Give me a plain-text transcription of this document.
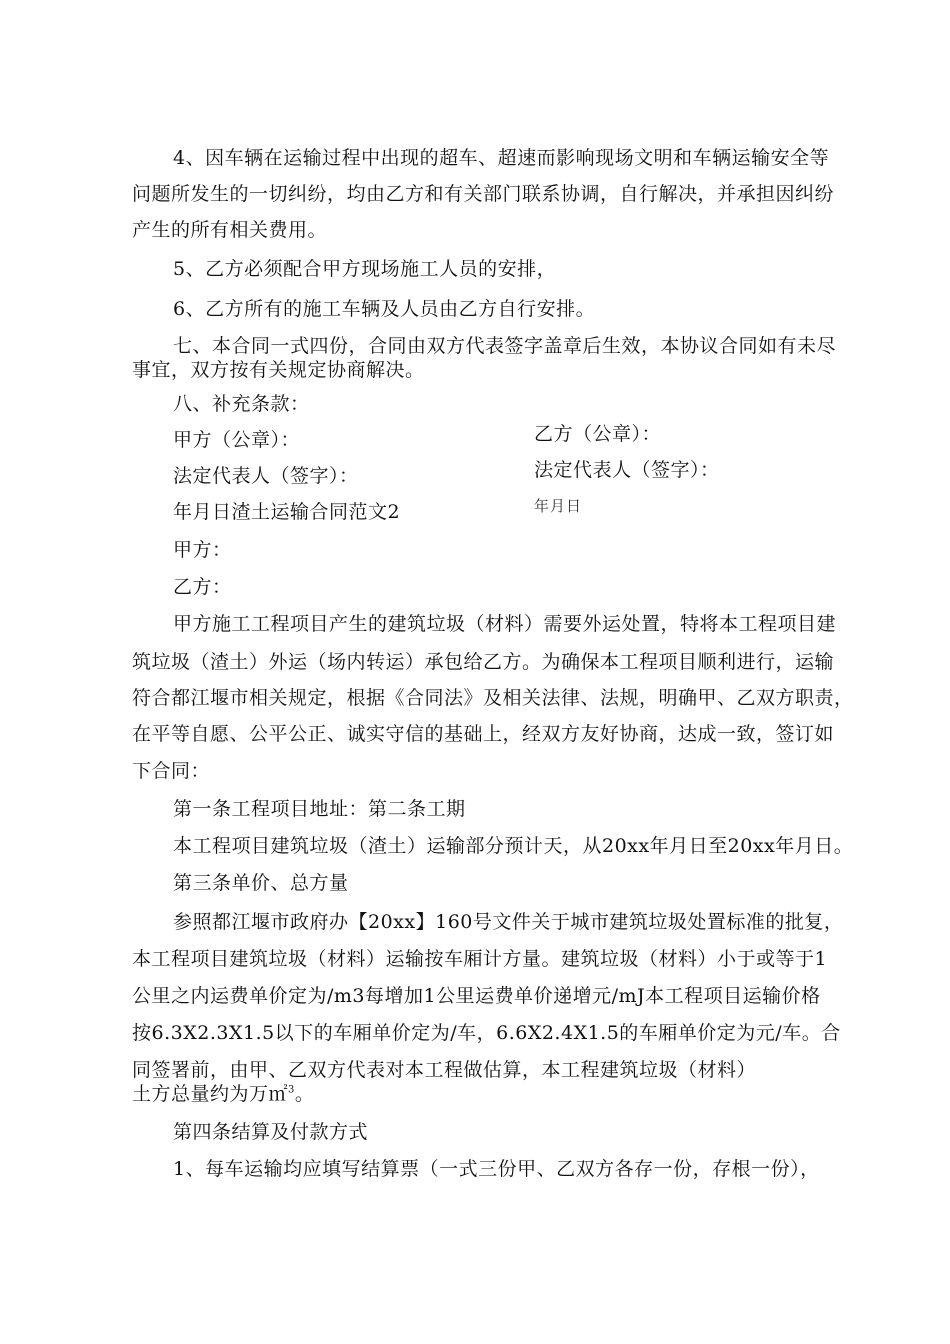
4、因车辆在运输过程中出现的超车、超速而影响现场文明和车辆运输安全等
问题所发生的一切纠纷，均由乙方和有关部门联系协调，自行解决，并承担因纠纷
产生的所有相关费用。
5、乙方必须配合甲方现场施工人员的安排，
6、乙方所有的施工车辆及人员由乙方自行安排。
七、本合同一式四份，合同由双方代表签字盖章后生效，本协议合同如有未尽
事宜，双方按有关规定协商解决。
八、补充条款：
甲方（公章）：	乙方（公章）：
法定代表人（签字）：	法定代表人（签字）：
年月日渣土运输合同范文2	年月日
甲方：
乙方：
甲方施工工程项目产生的建筑垃圾（材料）需要外运处置，特将本工程项目建
筑垃圾（渣土）外运（场内转运）承包给乙方。为确保本工程项目顺利进行，运输
符合都江堰市相关规定，根据《合同法》及相关法律、法规，明确甲、乙双方职责，
在平等自愿、公平公正、诚实守信的基础上，经双方友好协商，达成一致，签订如
下合同：
第一条工程项目地址：第二条工期
本工程项目建筑垃圾（渣土）运输部分预计天，从20xx年月日至20xx年月日。
第三条单价、总方量
参照都江堰市政府办【20xx】160号文件关于城市建筑垃圾处置标准的批复，
本工程项目建筑垃圾（材料）运输按车厢计方量。建筑垃圾（材料）小于或等于1
公里之内运费单价定为/m3每增加1公里运费单价递增元/mJ本工程项目运输价格
按6.3X2.3X1.5以下的车厢单价定为/车，6.6X2.4X1.5的车厢单价定为元/车。合
同签署前，由甲、乙双方代表对本工程做估算，本工程建筑垃圾（材料）
土方总量约为万㎡$^3$。
第四条结算及付款方式
1、每车运输均应填写结算票（一式三份甲、乙双方各存一份，存根一份），
